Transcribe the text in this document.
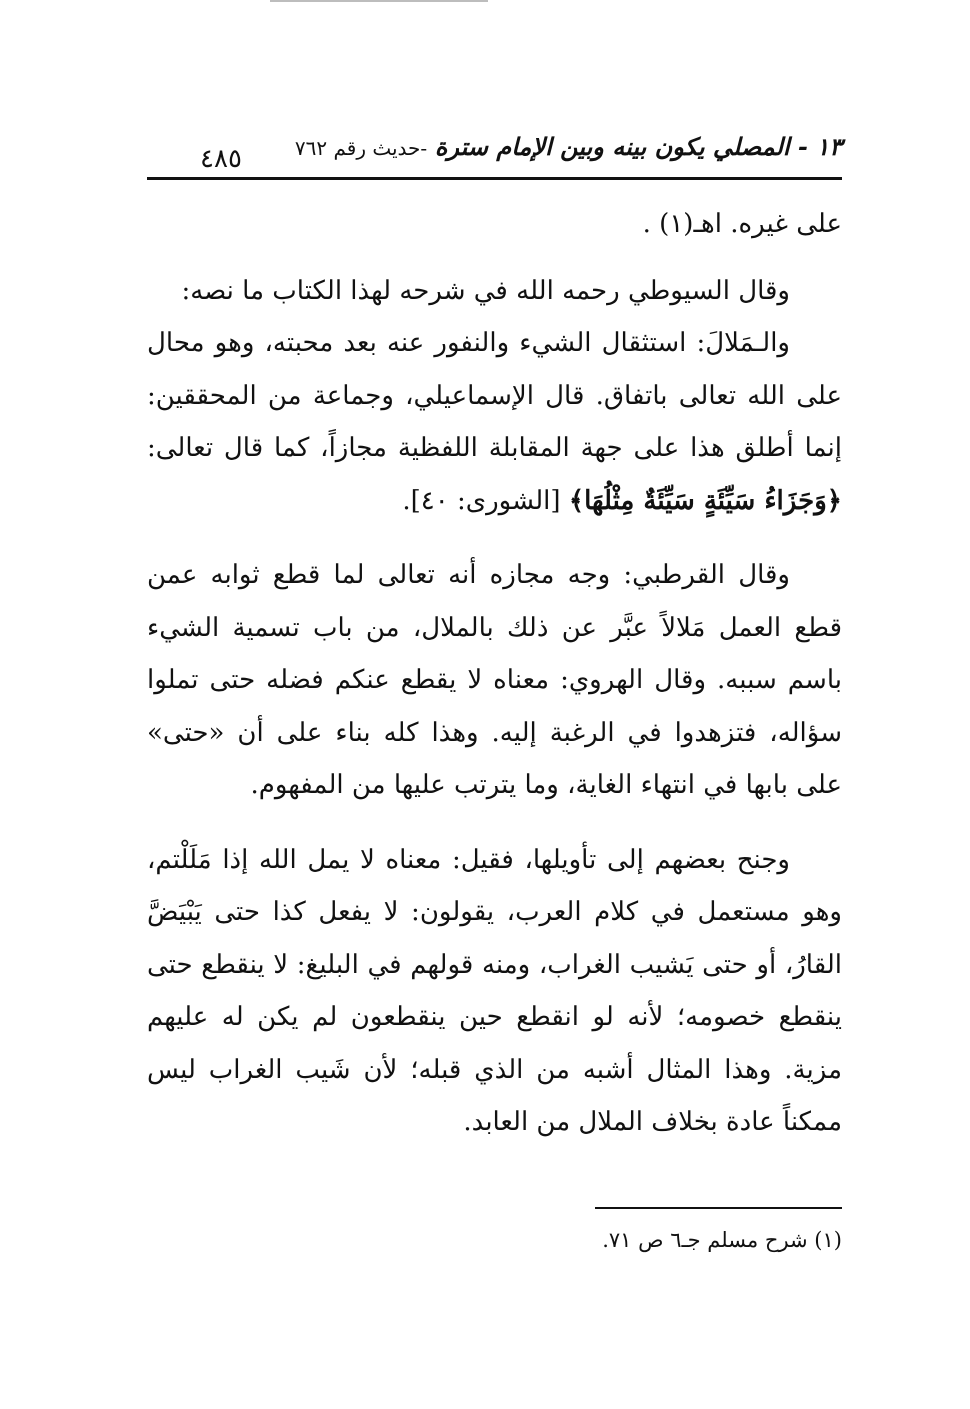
١٣ - المصلي يكون بينه وبين الإمام سترة -حديث رقم ٧٦٢
٤٨٥

على غيره. اهـ(١) .

وقال السيوطي رحمه الله في شرحه لهذا الكتاب ما نصه:

والـمَلالَ: استثقال الشيء والنفور عنه بعد محبته، وهو محال على الله تعالى باتفاق. قال الإسماعيلي، وجماعة من المحققين: إنما أطلق هذا على جهة المقابلة اللفظية مجازاً، كما قال تعالى: ﴿وَجَزَاءُ سَيِّئَةٍ سَيِّئَةٌ مِثْلُهَا﴾ [الشورى: ٤٠].

وقال القرطبي: وجه مجازه أنه تعالى لما قطع ثوابه عمن قطع العمل مَلالاً عبَّر عن ذلك بالملال، من باب تسمية الشيء باسم سببه. وقال الهروي: معناه لا يقطع عنكم فضله حتى تملوا سؤاله، فتزهدوا في الرغبة إليه. وهذا كله بناء على أن «حتى» على بابها في انتهاء الغاية، وما يترتب عليها من المفهوم.

وجنح بعضهم إلى تأويلها، فقيل: معناه لا يمل الله إذا مَلَلْتم، وهو مستعمل في كلام العرب، يقولون: لا يفعل كذا حتى يَبْيَضَّ القارُ، أو حتى يَشيب الغراب، ومنه قولهم في البليغ: لا ينقطع حتى ينقطع خصومه؛ لأنه لو انقطع حين ينقطعون لم يكن له عليهم مزية. وهذا المثال أشبه من الذي قبله؛ لأن شَيب الغراب ليس ممكناً عادة بخلاف الملال من العابد.

(١) شرح مسلم جـ٦ ص ٧١.
